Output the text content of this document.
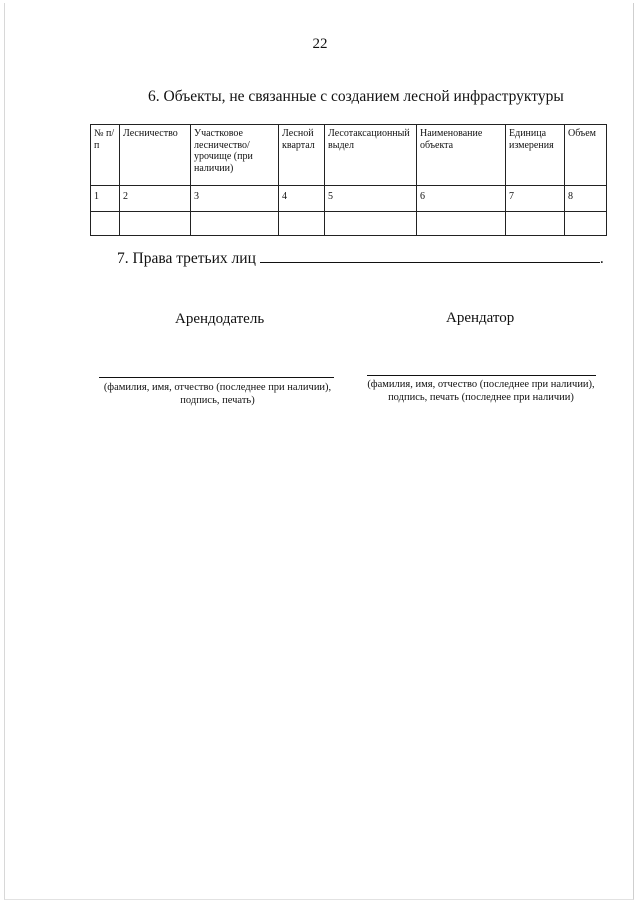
22
6. Объекты, не связанные с созданием лесной инфраструктуры
№ п/п	Лесничество	Участковое лесничество/ урочище (при наличии)	Лесной квартал	Лесотаксационный выдел	Наименование объекта	Единица измерения	Объем
1	2	3	4	5	6	7	8

7. Права третьих лиц	.
Арендодатель	Арендатор
(фамилия, имя, отчество (последнее при наличии), подпись, печать)
(фамилия, имя, отчество (последнее при наличии), подпись, печать (последнее при наличии)
